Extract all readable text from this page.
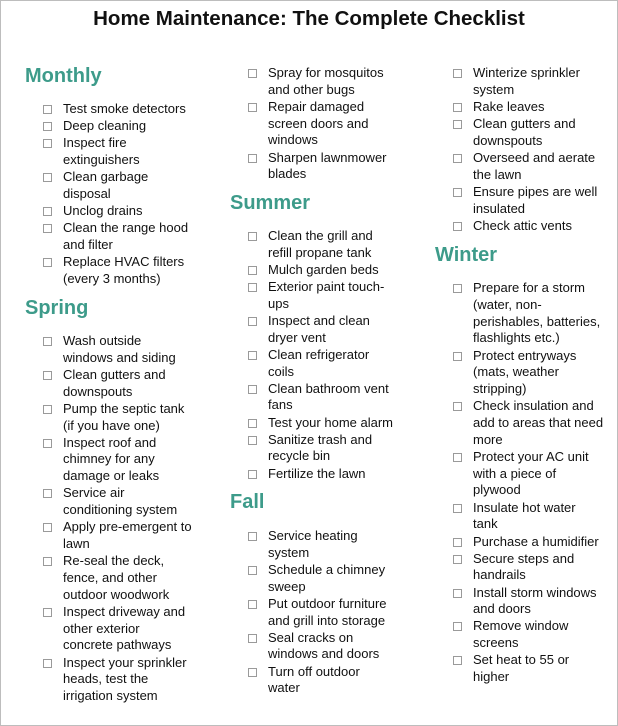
Home Maintenance: The Complete Checklist
Monthly
Test smoke detectors
Deep cleaning
Inspect fire
extinguishers
Clean garbage
disposal
Unclog drains
Clean the range hood
and filter
Replace HVAC filters
(every 3 months)
Spring
Wash outside
windows and siding
Clean gutters and
downspouts
Pump the septic tank
(if you have one)
Inspect roof and
chimney for any
damage or leaks
Service air
conditioning system
Apply pre-emergent to
lawn
Re-seal the deck,
fence, and other
outdoor woodwork
Inspect driveway and
other exterior
concrete pathways
Inspect your sprinkler
heads, test the
irrigation system
Spray for mosquitos
and other bugs
Repair damaged
screen doors and
windows
Sharpen lawnmower
blades
Summer
Clean the grill and
refill propane tank
Mulch garden beds
Exterior paint touch-
ups
Inspect and clean
dryer vent
Clean refrigerator
coils
Clean bathroom vent
fans
Test your home alarm
Sanitize trash and
recycle bin
Fertilize the lawn
Fall
Service heating
system
Schedule a chimney
sweep
Put outdoor furniture
and grill into storage
Seal cracks on
windows and doors
Turn off outdoor
water
Winterize sprinkler
system
Rake leaves
Clean gutters and
downspouts
Overseed and aerate
the lawn
Ensure pipes are well
insulated
Check attic vents
Winter
Prepare for a storm
(water, non-
perishables, batteries,
flashlights etc.)
Protect entryways
(mats, weather
stripping)
Check insulation and
add to areas that need
more
Protect your AC unit
with a piece of
plywood
Insulate hot water
tank
Purchase a humidifier
Secure steps and
handrails
Install storm windows
and doors
Remove window
screens
Set heat to 55 or
higher
